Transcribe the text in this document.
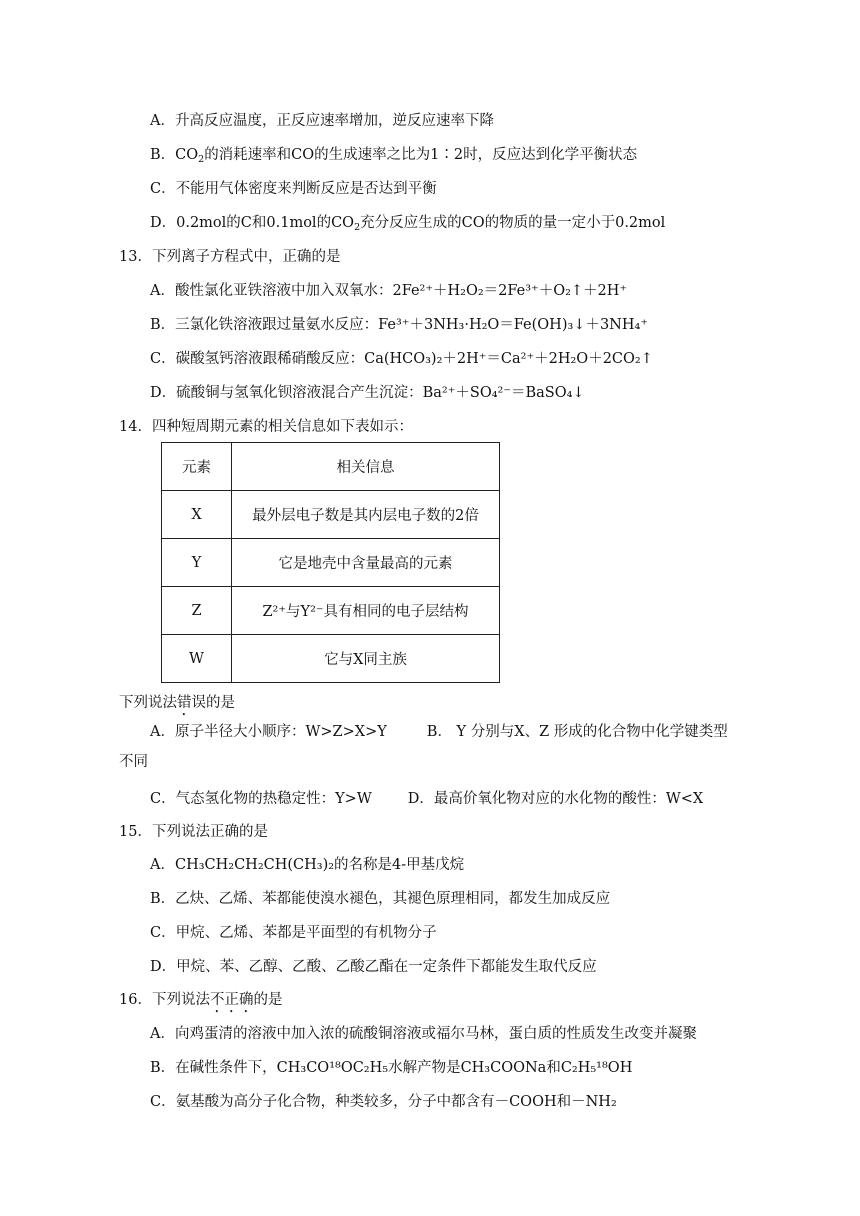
A．升高反应温度，正反应速率增加，逆反应速率下降
B．$CO_2$的消耗速率和CO的生成速率之比为1∶2时，反应达到化学平衡状态
C．不能用气体密度来判断反应是否达到平衡
D．0.2mol的C和0.1mol的$CO_2$充分反应生成的CO的物质的量一定小于0.2mol
13．下列离子方程式中，正确的是
A．酸性氯化亚铁溶液中加入双氧水：2Fe²⁺＋H₂O₂＝2Fe³⁺＋O₂↑＋2H⁺
B．三氯化铁溶液跟过量氨水反应：Fe³⁺＋3NH₃·H₂O＝Fe(OH)₃↓＋3NH₄⁺
C．碳酸氢钙溶液跟稀硝酸反应：Ca(HCO₃)₂＋2H⁺＝Ca²⁺＋2H₂O＋2CO₂↑
D．硫酸铜与氢氧化钡溶液混合产生沉淀：Ba²⁺＋SO₄²⁻＝BaSO₄↓
14．四种短周期元素的相关信息如下表如示：
元素	相关信息
X	最外层电子数是其内层电子数的2倍
Y	它是地壳中含量最高的元素
Z	Z²⁺与Y²⁻具有相同的电子层结构
W	它与X同主族
下列说法错误的是
A．原子半径大小顺序：W>Z>X>Y	B． Y 分别与X、Z 形成的化合物中化学键类型
不同
C．气态氢化物的热稳定性：Y>W D．最高价氧化物对应的水化物的酸性：W<X
15．下列说法正确的是
A．CH₃CH₂CH₂CH(CH₃)₂的名称是4-甲基戊烷
B．乙炔、乙烯、苯都能使溴水褪色，其褪色原理相同，都发生加成反应
C．甲烷、乙烯、苯都是平面型的有机物分子
D．甲烷、苯、乙醇、乙酸、乙酸乙酯在一定条件下都能发生取代反应
16．下列说法不正确的是
A．向鸡蛋清的溶液中加入浓的硫酸铜溶液或福尔马林，蛋白质的性质发生改变并凝聚
B．在碱性条件下，CH₃CO¹⁸OC₂H₅水解产物是CH₃COONa和C₂H₅¹⁸OH
C．氨基酸为高分子化合物，种类较多，分子中都含有－COOH和－NH₂
